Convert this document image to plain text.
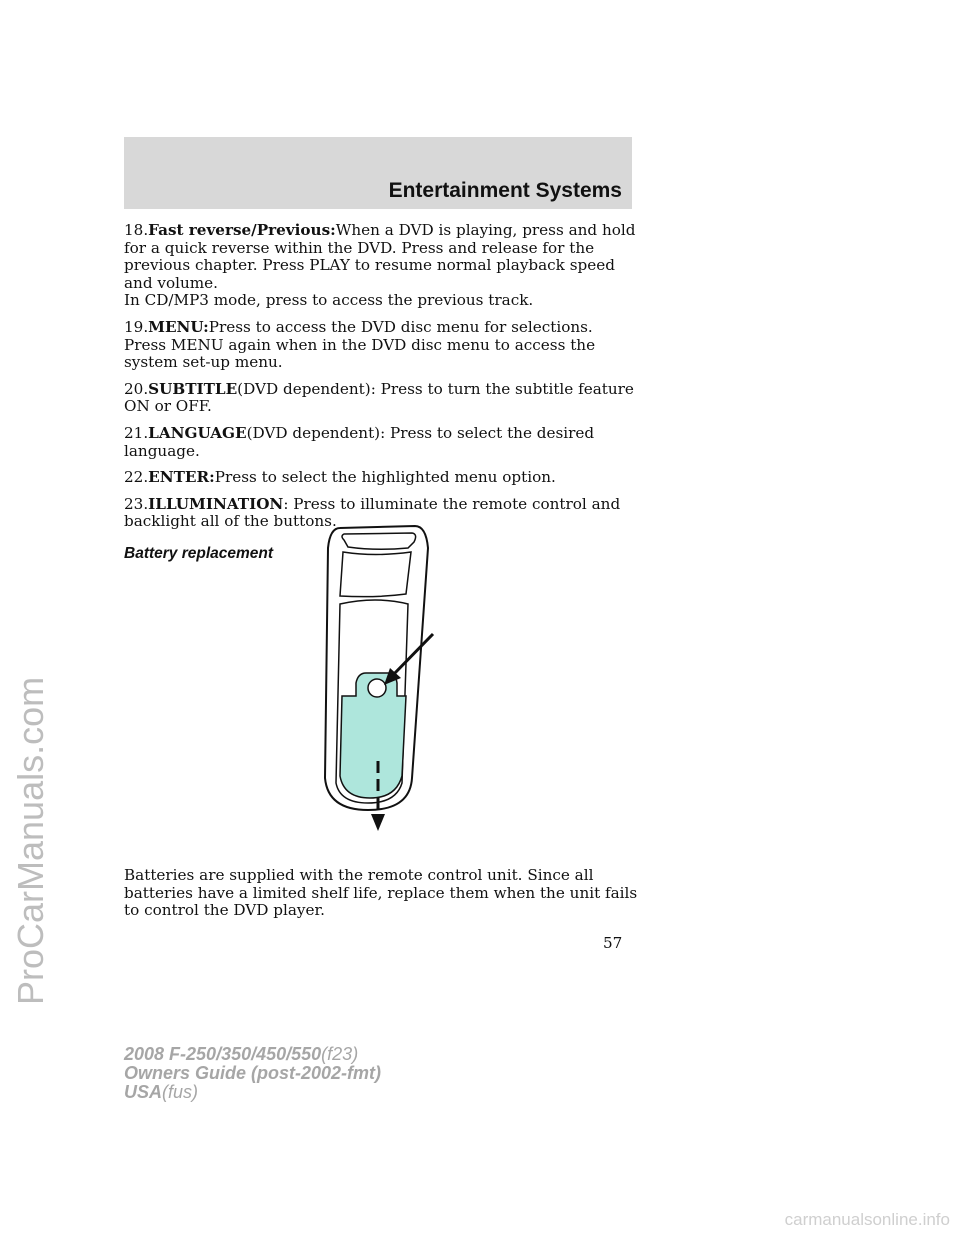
Entertainment Systems

18.Fast reverse/Previous:When a DVD is playing, press and hold for a quick reverse within the DVD. Press and release for the previous chapter. Press PLAY to resume normal playback speed and volume.
In CD/MP3 mode, press to access the previous track.

19.MENU:Press to access the DVD disc menu for selections. Press MENU again when in the DVD disc menu to access the system set-up menu.

20.SUBTITLE(DVD dependent): Press to turn the subtitle feature ON or OFF.

21.LANGUAGE(DVD dependent): Press to select the desired language.

22.ENTER:Press to select the highlighted menu option.

23.ILLUMINATION: Press to illuminate the remote control and backlight all of the buttons.

Battery replacement
Batteries are supplied with the remote control unit. Since all batteries have a limited shelf life, replace them when the unit fails to control the DVD player.
57
2008 F-250/350/450/550(f23)
Owners Guide (post-2002-fmt)
USA(fus)
ProCarManuals.com
carmanualsonline.info
